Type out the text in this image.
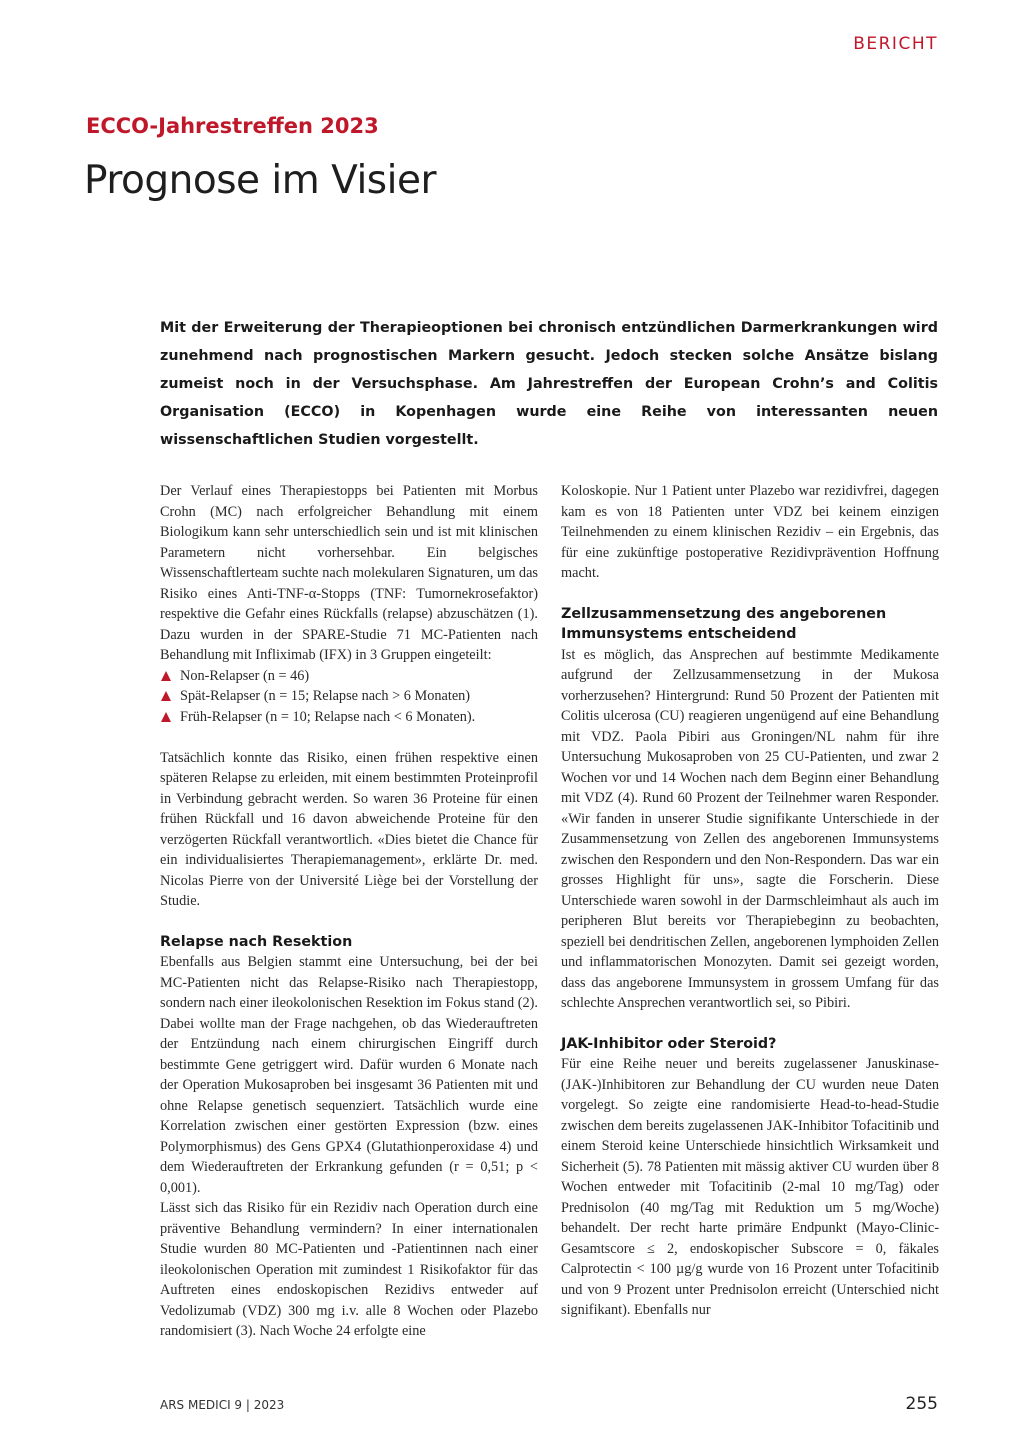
BERICHT
ECCO-Jahrestreffen 2023
Prognose im Visier
Mit der Erweiterung der Therapieoptionen bei chronisch entzündlichen Darmerkrankungen wird zunehmend nach prognostischen Markern gesucht. Jedoch stecken solche Ansätze bislang zumeist noch in der Versuchsphase. Am Jahrestreffen der European Crohn’s and Colitis Organisation (ECCO) in Kopenhagen wurde eine Reihe von interessanten neuen wissenschaftlichen Studien vorgestellt.

Der Verlauf eines Therapiestopps bei Patienten mit Morbus Crohn (MC) nach erfolgreicher Behandlung mit einem Biologikum kann sehr unterschiedlich sein und ist mit klinischen Parametern nicht vorhersehbar. Ein belgisches Wissenschaftlerteam suchte nach molekularen Signaturen, um das Risiko eines Anti-TNF-α-Stopps (TNF: Tumornekrosefaktor) respektive die Gefahr eines Rückfalls (relapse) abzuschätzen (1). Dazu wurden in der SPARE-Studie 71 MC-Patienten nach Behandlung mit Infliximab (IFX) in 3 Gruppen eingeteilt:

Non-Relapser (n = 46)
Spät-Relapser (n = 15; Relapse nach > 6 Monaten)
Früh-Relapser (n = 10; Relapse nach < 6 Monaten).

Tatsächlich konnte das Risiko, einen frühen respektive einen späteren Relapse zu erleiden, mit einem bestimmten Proteinprofil in Verbindung gebracht werden. So waren 36 Proteine für einen frühen Rückfall und 16 davon abweichende Proteine für den verzögerten Rückfall verantwortlich. «Dies bietet die Chance für ein individualisiertes Therapiemanagement», erklärte Dr. med. Nicolas Pierre von der Université Liège bei der Vorstellung der Studie.

Relapse nach Resektion

Ebenfalls aus Belgien stammt eine Untersuchung, bei der bei MC-Patienten nicht das Relapse-Risiko nach Therapiestopp, sondern nach einer ileokolonischen Resektion im Fokus stand (2). Dabei wollte man der Frage nachgehen, ob das Wiederauftreten der Entzündung nach einem chirurgischen Eingriff durch bestimmte Gene getriggert wird. Dafür wurden 6 Monate nach der Operation Mukosaproben bei insgesamt 36 Patienten mit und ohne Relapse genetisch sequenziert. Tatsächlich wurde eine Korrelation zwischen einer gestörten Expression (bzw. eines Polymorphismus) des Gens GPX4 (Glutathionperoxidase 4) und dem Wiederauftreten der Erkrankung gefunden (r = 0,51; p < 0,001).

Lässt sich das Risiko für ein Rezidiv nach Operation durch eine präventive Behandlung vermindern? In einer internationalen Studie wurden 80 MC-Patienten und -Patientinnen nach einer ileokolonischen Operation mit zumindest 1 Risikofaktor für das Auftreten eines endoskopischen Rezidivs entweder auf Vedolizumab (VDZ) 300 mg i.v. alle 8 Wochen oder Plazebo randomisiert (3). Nach Woche 24 erfolgte eine

Koloskopie. Nur 1 Patient unter Plazebo war rezidivfrei, dagegen kam es von 18 Patienten unter VDZ bei keinem einzigen Teilnehmenden zu einem klinischen Rezidiv – ein Ergebnis, das für eine zukünftige postoperative Rezidivprävention Hoffnung macht.

Zellzusammensetzung des angeborenen Immunsystems entscheidend

Ist es möglich, das Ansprechen auf bestimmte Medikamente aufgrund der Zellzusammensetzung in der Mukosa vorherzusehen? Hintergrund: Rund 50 Prozent der Patienten mit Colitis ulcerosa (CU) reagieren ungenügend auf eine Behandlung mit VDZ. Paola Pibiri aus Groningen/NL nahm für ihre Untersuchung Mukosaproben von 25 CU-Patienten, und zwar 2 Wochen vor und 14 Wochen nach dem Beginn einer Behandlung mit VDZ (4). Rund 60 Prozent der Teilnehmer waren Responder. «Wir fanden in unserer Studie signifikante Unterschiede in der Zusammensetzung von Zellen des angeborenen Immunsystems zwischen den Respondern und den Non-Respondern. Das war ein grosses Highlight für uns», sagte die Forscherin. Diese Unterschiede waren sowohl in der Darmschleimhaut als auch im peripheren Blut bereits vor Therapiebeginn zu beobachten, speziell bei dendritischen Zellen, angeborenen lymphoiden Zellen und inflammatorischen Monozyten. Damit sei gezeigt worden, dass das angeborene Immunsystem in grossem Umfang für das schlechte Ansprechen verantwortlich sei, so Pibiri.

JAK-Inhibitor oder Steroid?

Für eine Reihe neuer und bereits zugelassener Januskinase-(JAK-)Inhibitoren zur Behandlung der CU wurden neue Daten vorgelegt. So zeigte eine randomisierte Head-to-head-Studie zwischen dem bereits zugelassenen JAK-Inhibitor Tofacitinib und einem Steroid keine Unterschiede hinsichtlich Wirksamkeit und Sicherheit (5). 78 Patienten mit mässig aktiver CU wurden über 8 Wochen entweder mit Tofacitinib (2-mal 10 mg/Tag) oder Prednisolon (40 mg/Tag mit Reduktion um 5 mg/Woche) behandelt. Der recht harte primäre Endpunkt (Mayo-Clinic-Gesamtscore ≤ 2, endoskopischer Subscore = 0, fäkales Calprotectin < 100 µg/g wurde von 16 Prozent unter Tofacitinib und von 9 Prozent unter Prednisolon erreicht (Unterschied nicht signifikant). Ebenfalls nur

ARS MEDICI 9 | 2023	255
